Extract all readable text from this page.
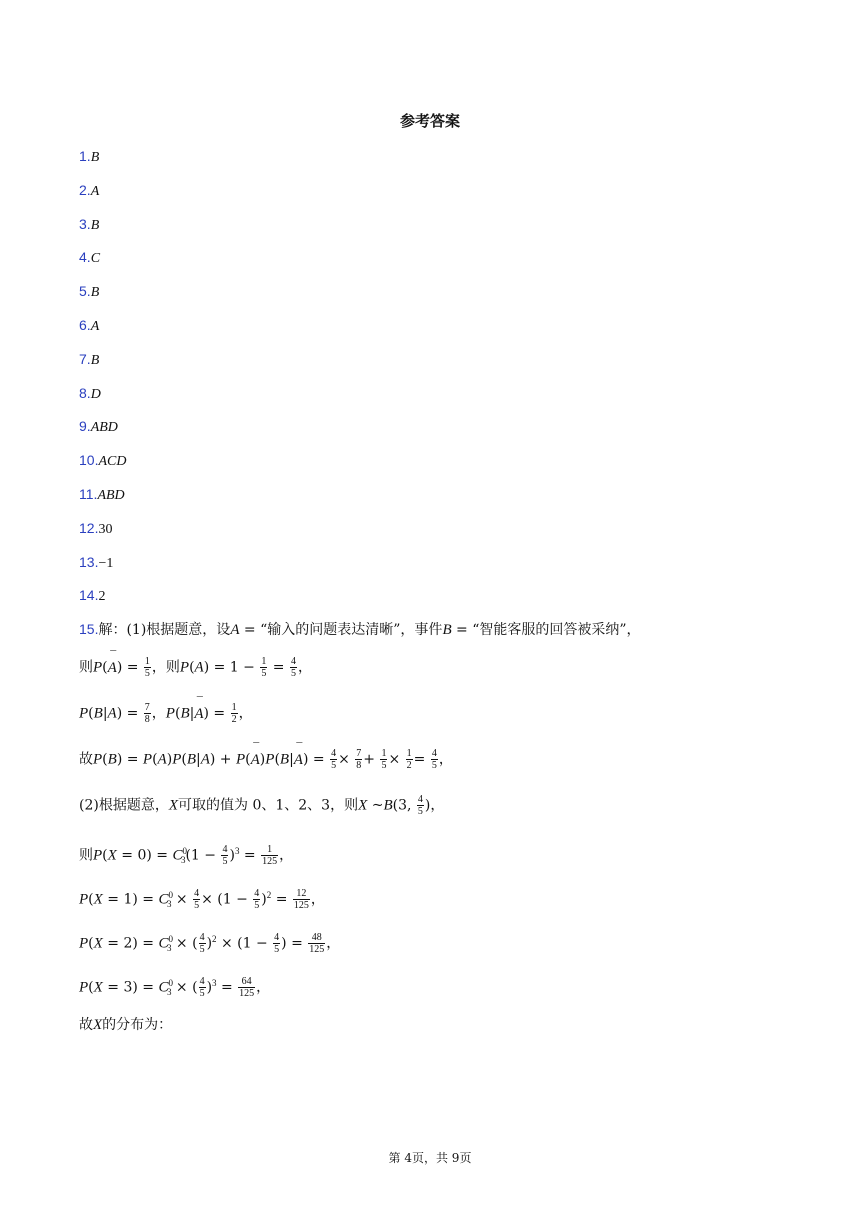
参考答案
1.B
2.A
3.B
4.C
5.B
6.A
7.B
8.D
9.ABD
10.ACD
11.ABD
12.30
13.−1
14.2
15.解：(1)根据题意，设A = “输入的问题表达清晰”，事件B = “智能客服的回答被采纳”，
则P(¯ $A) = \frac{1}{5}$ ，则$P(A) = 1 - \frac{1}{5} = \frac{4}{5}$ ，
$P(B|A) = \frac{7}{8}$ ，P(B|¯ $A) = \frac{1}{2}$ ，
故P(B) = P(A)P(B|A) + P(¯ A)P(B|¯ $A) = \frac{4}{5} \times \frac{7}{8} + \frac{1}{5} \times \frac{1}{2} = \frac{4}{5}$ ，
(2)根据题意，X可取的值为 0、1、2、3，则X ~B(3, $\frac{4}{5}$ )，
则$P(X = 0) = C^0_3(1 - \frac{4}{5} )^3 = \frac{1}{125}$ ，
$P(X = 1) = C^0_3 \times \frac{4}{5} \times (1 - \frac{4}{5} )^2 = \frac{12}{125}$ ，
$P(X = 2) = C^0_3$ × ( $\frac{4}{5} )^2 \times (1 - \frac{4}{5}$ ) = $\frac{48}{125}$ ，
$P(X = 3) = C^0_3$ × ( $\frac{4}{5} )^3 = \frac{64}{125}$ ，
故X的分布为：
第 4页，共 9页
